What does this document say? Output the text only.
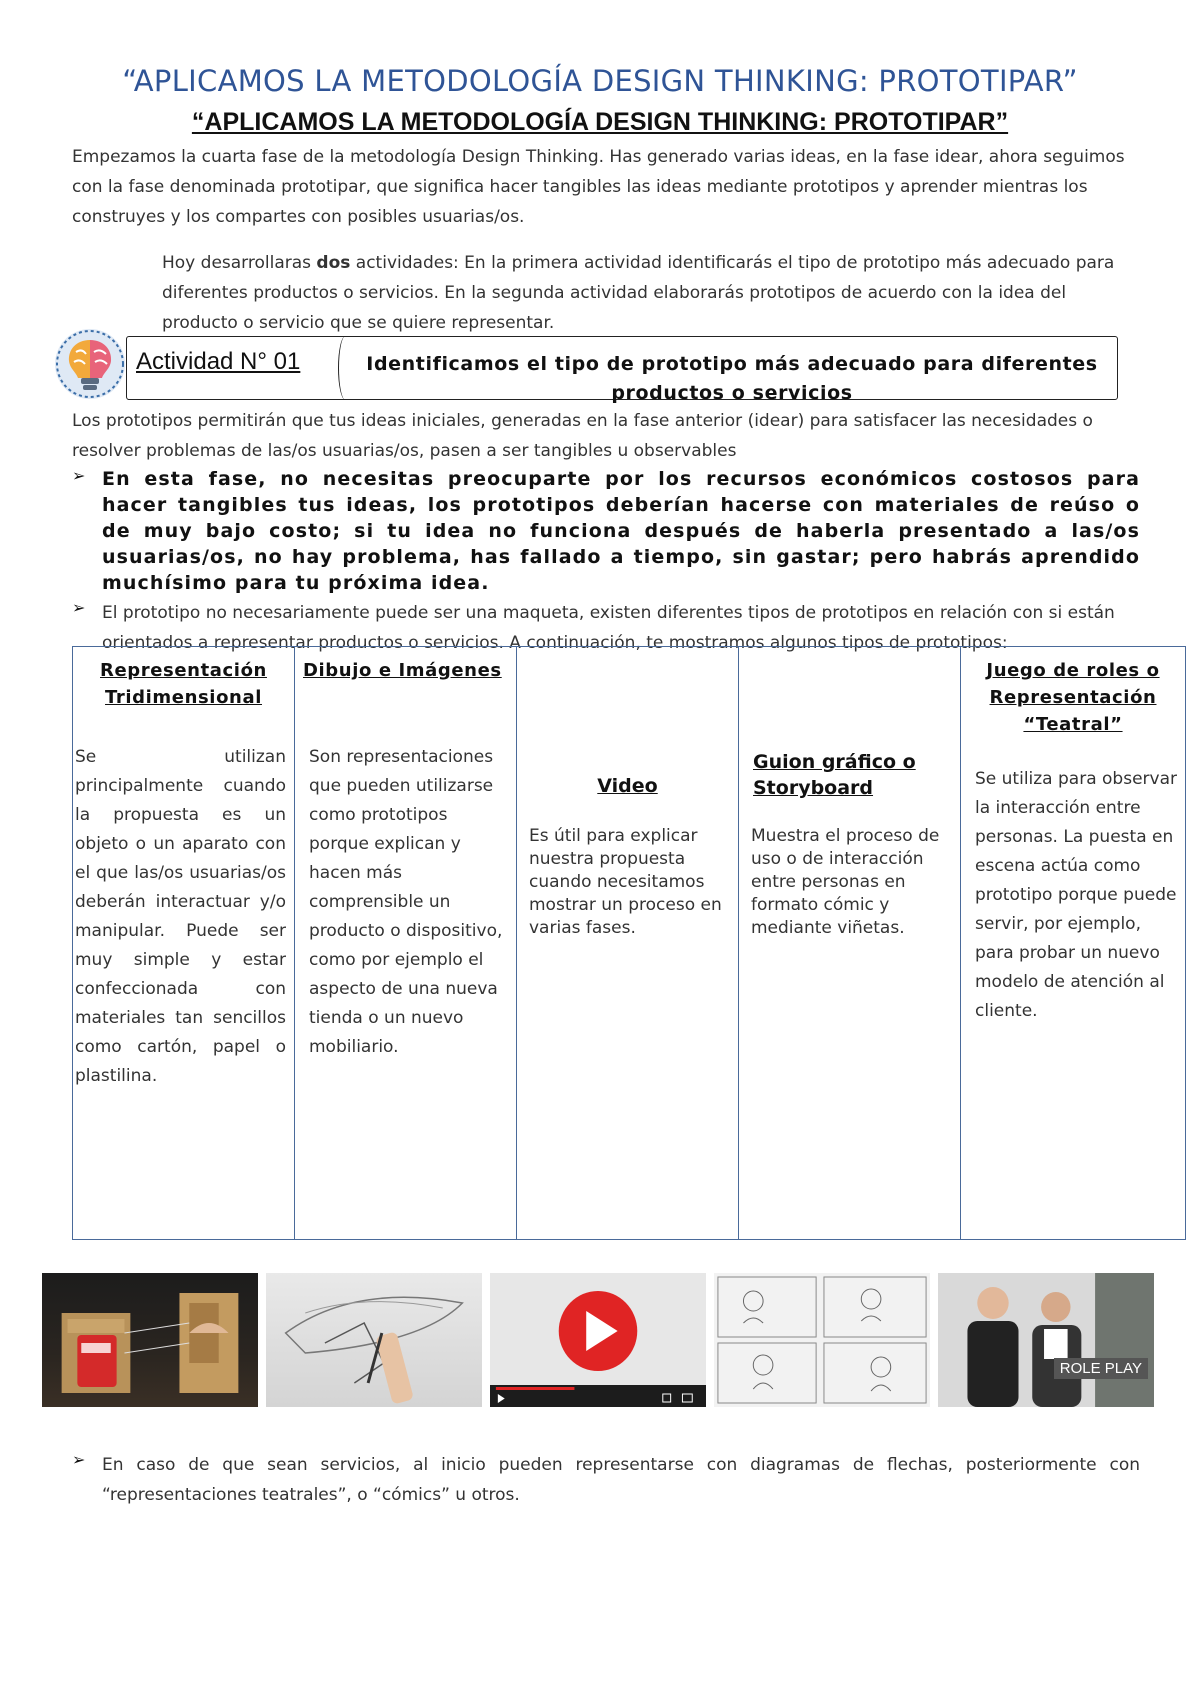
“APLICAMOS LA METODOLOGÍA DESIGN THINKING: PROTOTIPAR”
“APLICAMOS LA METODOLOGÍA DESIGN THINKING: PROTOTIPAR”
Empezamos la cuarta fase de la metodología Design Thinking. Has generado varias ideas, en la fase idear, ahora seguimos con la fase denominada prototipar, que significa hacer tangibles las ideas mediante prototipos y aprender mientras los construyes y los compartes con posibles usuarias/os.
Hoy desarrollaras dos actividades: En la primera actividad identificarás el tipo de prototipo más adecuado para diferentes productos o servicios. En la segunda actividad elaborarás prototipos de acuerdo con la idea del producto o servicio que se quiere representar.
Actividad N° 01	Identificamos el tipo de prototipo más adecuado para diferentes productos o servicios
Los prototipos permitirán que tus ideas iniciales, generadas en la fase anterior (idear) para satisfacer las necesidades o resolver problemas de las/os usuarias/os, pasen a ser tangibles u observables
➢ En esta fase, no necesitas preocuparte por los recursos económicos costosos para hacer tangibles tus ideas, los prototipos deberían hacerse con materiales de reúso o de muy bajo costo; si tu idea no funciona después de haberla presentado a las/os usuarias/os, no hay problema, has fallado a tiempo, sin gastar; pero habrás aprendido muchísimo para tu próxima idea.
➢ El prototipo no necesariamente puede ser una maqueta, existen diferentes tipos de prototipos en relación con si están orientados a representar productos o servicios. A continuación, te mostramos algunos tipos de prototipos:
Representación Tridimensional
Se utilizan principalmente cuando la propuesta es un objeto o un aparato con el que las/os usuarias/os deberán interactuar y/o manipular. Puede ser muy simple y estar confeccionada con materiales tan sencillos como cartón, papel o plastilina.
Dibujo e Imágenes
Son representaciones que pueden utilizarse como prototipos porque explican y hacen más comprensible un producto o dispositivo, como por ejemplo el aspecto de una nueva tienda o un nuevo mobiliario.
Video
Es útil para explicar nuestra propuesta cuando necesitamos mostrar un proceso en varias fases.
Guion gráfico o Storyboard
Muestra el proceso de uso o de interacción entre personas en formato cómic y mediante viñetas.
Juego de roles o Representación “Teatral”
Se utiliza para observar la interacción entre personas. La puesta en escena actúa como prototipo porque puede servir, por ejemplo, para probar un nuevo modelo de atención al cliente.
ROLE PLAY
➢ En caso de que sean servicios, al inicio pueden representarse con diagramas de flechas, posteriormente con “representaciones teatrales”, o “cómics” u otros.
